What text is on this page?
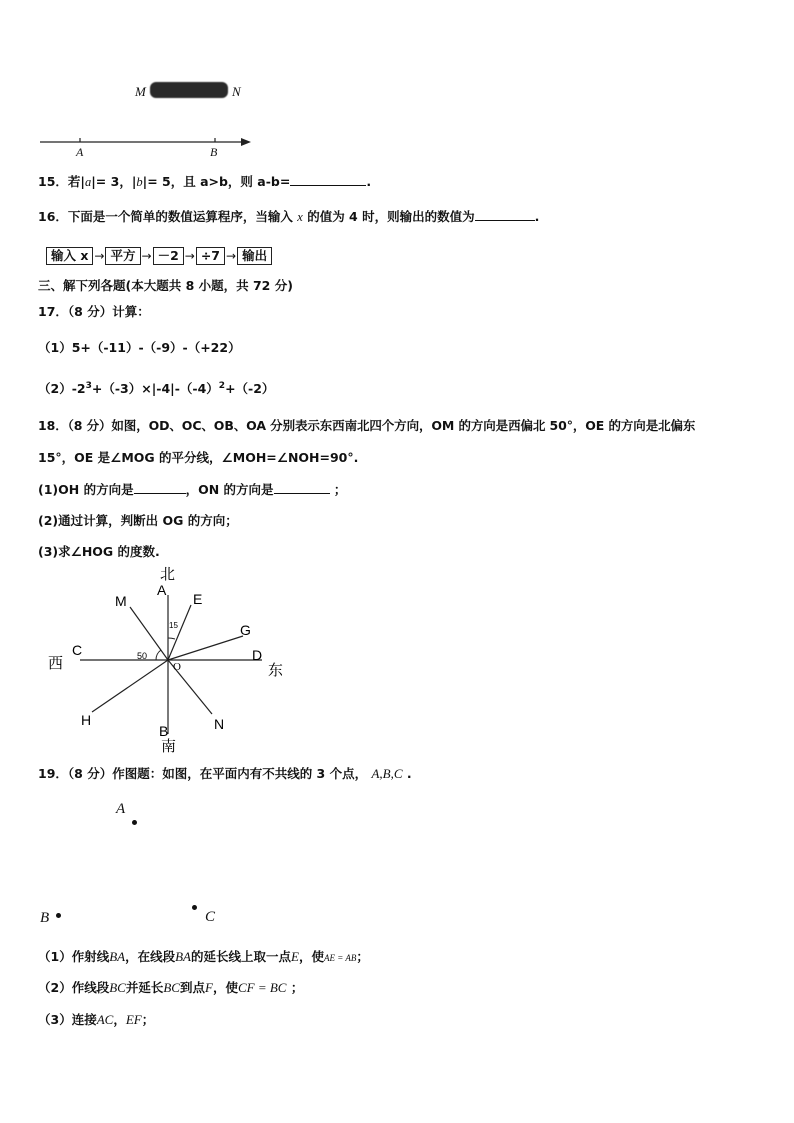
M	N
A	B
15．若|a|= 3，|b|= 5，且 a>b，则 a-b=	.
16．下面是一个简单的数值运算程序，当输入 x 的值为 4 时，则输出的数值为	.
输入 x → 平方 → －2 → ÷7 → 输出
三、解下列各题(本大题共 8 小题，共 72 分)
17．（8 分）计算：
（1）5+（-11）-（-9）-（+22）
$(2)-2^3+(-3)\times|-4|-(-4)^2+(-2)$
18．（8 分）如图，OD、OC、OB、OA 分别表示东西南北四个方向，OM 的方向是西偏北 50°，OE 的方向是北偏东
15°，OE 是∠MOG 的平分线，∠MOH=∠NOH=90°.
(1)OH 的方向是	，ON 的方向是	；
(2)通过计算，判断出 OG 的方向；
(3)求∠HOG 的度数.
北
A
E
M
G
C	D
西	东
50
15
O
H	N
B
南
19．（8 分）作图题：如图，在平面内有不共线的 3 个点， A,B,C .
A
B	C
（1）作射线BA，在线段BA的延长线上取一点E，使AE = AB；
（2）作线段BC并延长BC到点F，使CF = BC ；
（3）连接AC，EF；
